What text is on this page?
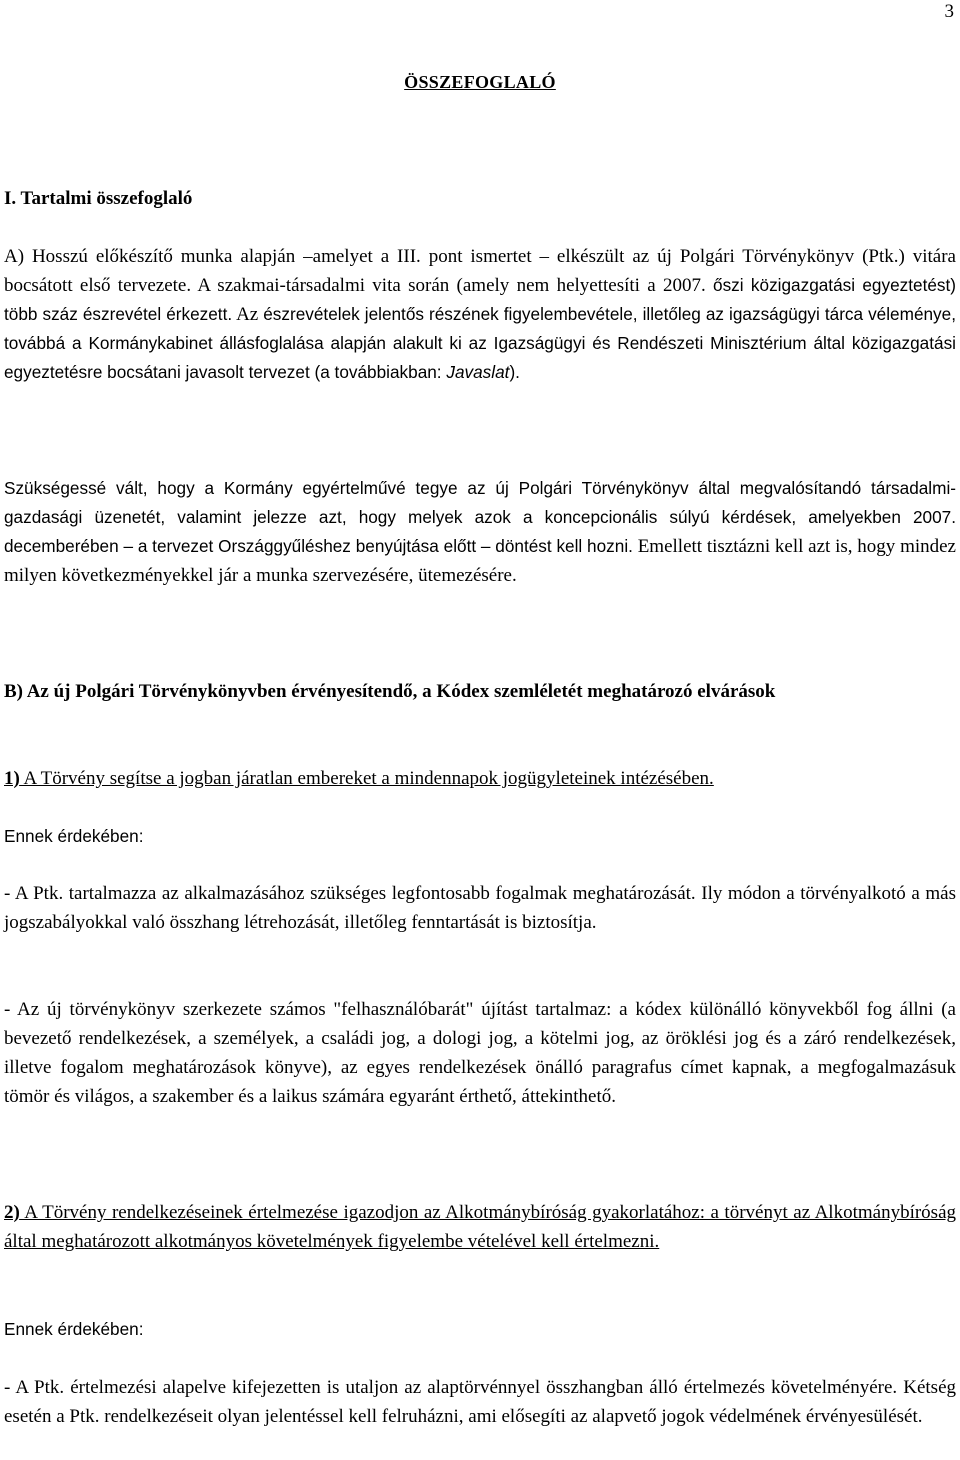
3
ÖSSZEFOGLALÓ
I. Tartalmi összefoglaló

A) Hosszú előkészítő munka alapján –amelyet a III. pont ismertet – elkészült az új Polgári Törvénykönyv (Ptk.) vitára bocsátott első tervezete. A szakmai-társadalmi vita során (amely nem helyettesíti a 2007. őszi közigazgatási egyeztetést) több száz észrevétel érkezett. Az észrevételek jelentős részének figyelembevétele, illetőleg az igazságügyi tárca véleménye, továbbá a Kormánykabinet állásfoglalása alapján alakult ki az Igazságügyi és Rendészeti Minisztérium által közigazgatási egyeztetésre bocsátani javasolt tervezet (a továbbiakban: Javaslat).

Szükségessé vált, hogy a Kormány egyértelművé tegye az új Polgári Törvénykönyv által megvalósítandó társadalmi-gazdasági üzenetét, valamint jelezze azt, hogy melyek azok a koncepcionális súlyú kérdések, amelyekben 2007. decemberében – a tervezet Országgyűléshez benyújtása előtt – döntést kell hozni. Emellett tisztázni kell azt is, hogy mindez milyen következményekkel jár a munka szervezésére, ütemezésére.

B) Az új Polgári Törvénykönyvben érvényesítendő, a Kódex szemléletét meghatározó elvárások

1) A Törvény segítse a jogban járatlan embereket a mindennapok jogügyleteinek intézésében.

Ennek érdekében:

- A Ptk. tartalmazza az alkalmazásához szükséges legfontosabb fogalmak meghatározását. Ily módon a törvényalkotó a más jogszabályokkal való összhang létrehozását, illetőleg fenntartását is biztosítja.

- Az új törvénykönyv szerkezete számos "felhasználóbarát" újítást tartalmaz: a kódex különálló könyvekből fog állni (a bevezető rendelkezések, a személyek, a családi jog, a dologi jog, a kötelmi jog, az öröklési jog és a záró rendelkezések, illetve fogalom meghatározások könyve), az egyes rendelkezések önálló paragrafus címet kapnak, a megfogalmazásuk tömör és világos, a szakember és a laikus számára egyaránt érthető, áttekinthető.

2) A Törvény rendelkezéseinek értelmezése igazodjon az Alkotmánybíróság gyakorlatához: a törvényt az Alkotmánybíróság által meghatározott alkotmányos követelmények figyelembe vételével kell értelmezni.

Ennek érdekében:

- A Ptk. értelmezési alapelve kifejezetten is utaljon az alaptörvénnyel összhangban álló értelmezés követelményére. Kétség esetén a Ptk. rendelkezéseit olyan jelentéssel kell felruházni, ami elősegíti az alapvető jogok védelmének érvényesülését.
